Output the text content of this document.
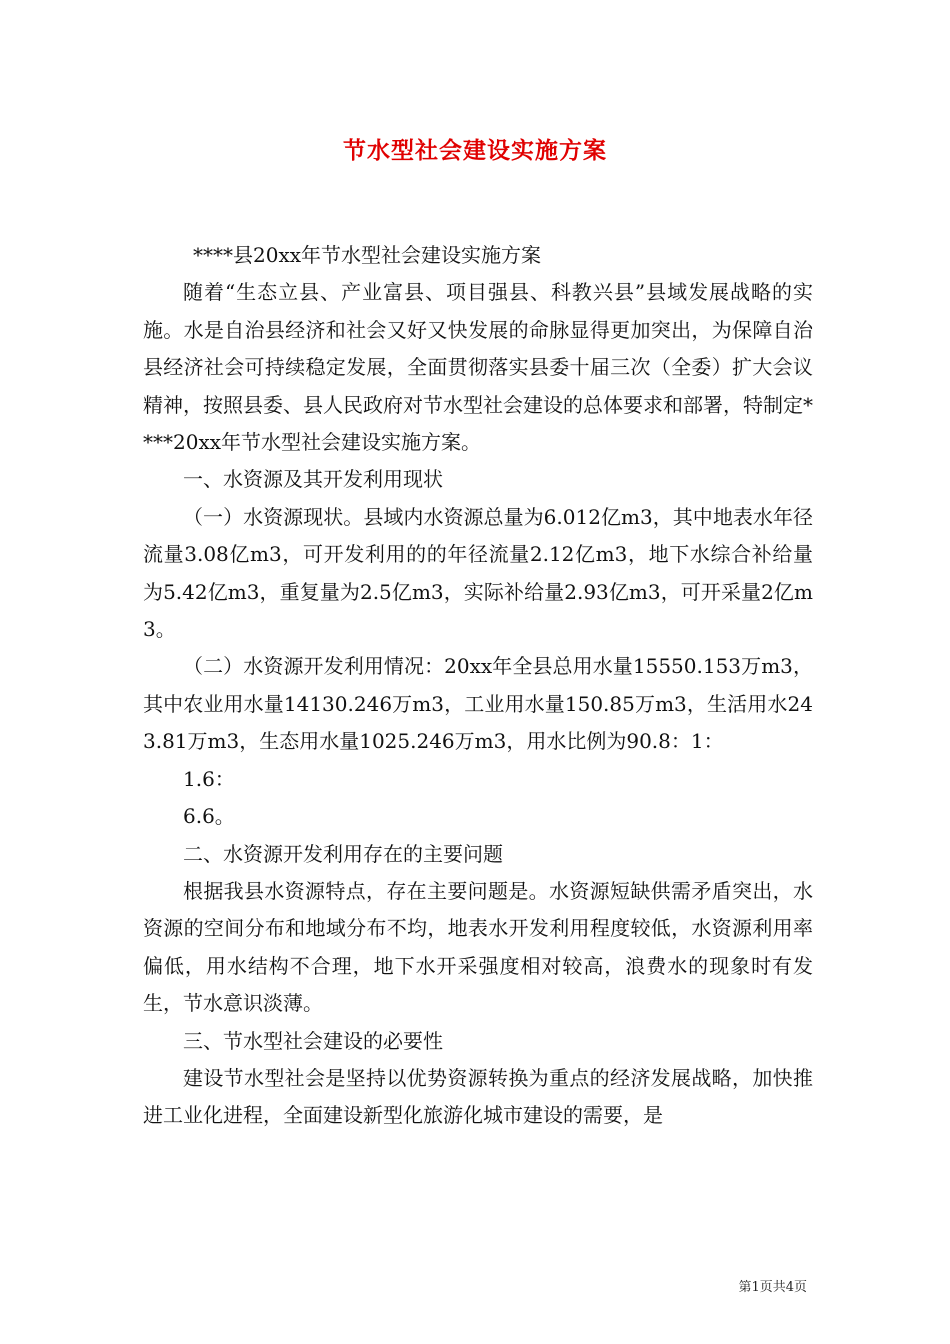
节水型社会建设实施方案

****县20xx年节水型社会建设实施方案

随着“生态立县、产业富县、项目强县、科教兴县”县域发展战略的实施。水是自治县经济和社会又好又快发展的命脉显得更加突出，为保障自治县经济社会可持续稳定发展，全面贯彻落实县委十届三次（全委）扩大会议精神，按照县委、县人民政府对节水型社会建设的总体要求和部署，特制定****20xx年节水型社会建设实施方案。

一、水资源及其开发利用现状

（一）水资源现状。县域内水资源总量为6.012亿m3，其中地表水年径流量3.08亿m3，可开发利用的的年径流量2.12亿m3，地下水综合补给量为5.42亿m3，重复量为2.5亿m3，实际补给量2.93亿m3，可开采量2亿m3。

（二）水资源开发利用情况：20xx年全县总用水量15550.153万m3，其中农业用水量14130.246万m3，工业用水量150.85万m3，生活用水243.81万m3，生态用水量1025.246万m3，用水比例为90.8：1：

1.6：

6.6。

二、水资源开发利用存在的主要问题

根据我县水资源特点，存在主要问题是。水资源短缺供需矛盾突出，水资源的空间分布和地域分布不均，地表水开发利用程度较低，水资源利用率偏低，用水结构不合理，地下水开采强度相对较高，浪费水的现象时有发生，节水意识淡薄。

三、节水型社会建设的必要性

建设节水型社会是坚持以优势资源转换为重点的经济发展战略，加快推进工业化进程，全面建设新型化旅游化城市建设的需要，是

第1页共4页
